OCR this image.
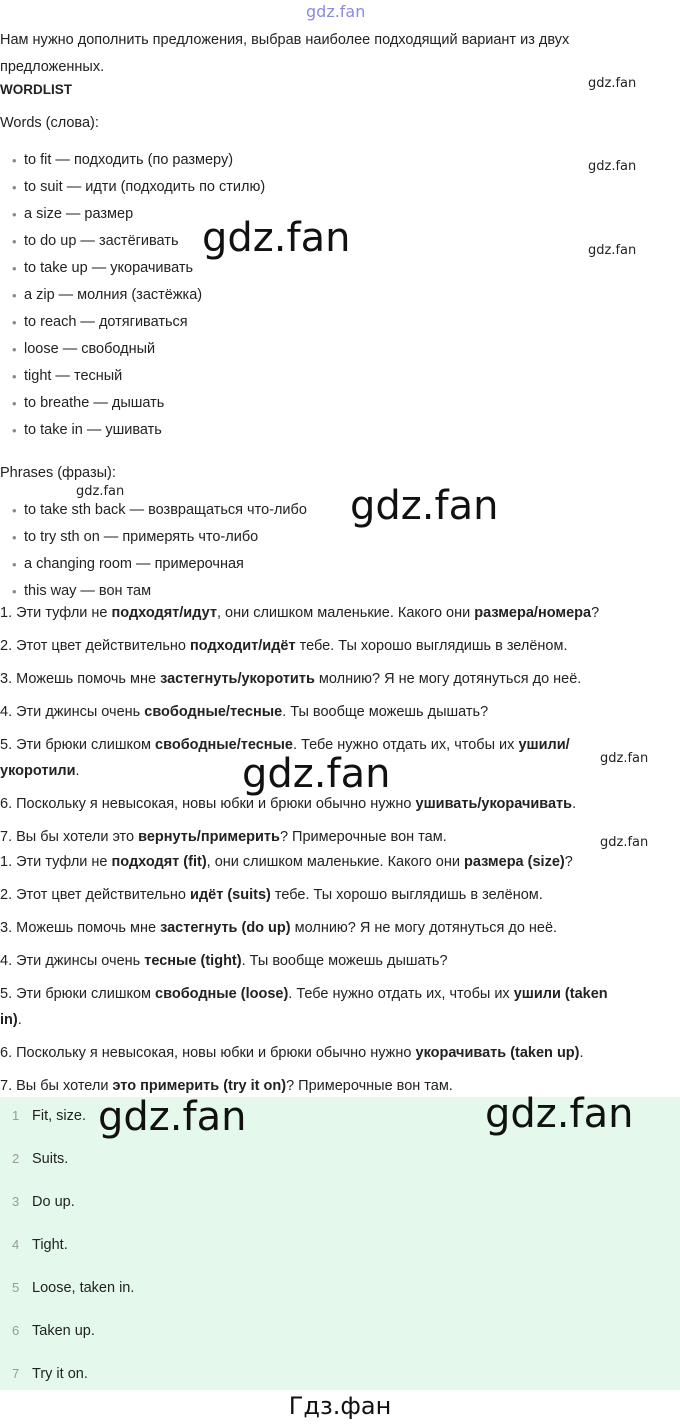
gdz.fan

Нам нужно дополнить предложения, выбрав наиболее подходящий вариант из двух предложенных.

WORDLIST
Words (слова):
• to fit — подходить (по размеру)
• to suit — идти (подходить по стилю)
• a size — размер
• to do up — застёгивать
• to take up — укорачивать
• a zip — молния (застёжка)
• to reach — дотягиваться
• loose — свободный
• tight — тесный
• to breathe — дышать
• to take in — ушивать
Phrases (фразы):
• to take sth back — возвращаться что-либо
• to try sth on — примерять что-либо
• a changing room — примерочная
• this way — вон там
1. Эти туфли не подходят/идут, они слишком маленькие. Какого они размера/номера?
2. Этот цвет действительно подходит/идёт тебе. Ты хорошо выглядишь в зелёном.
3. Можешь помочь мне застегнуть/укоротить молнию? Я не могу дотянуться до неё.
4. Эти джинсы очень свободные/тесные. Ты вообще можешь дышать?
5. Эти брюки слишком свободные/тесные. Тебе нужно отдать их, чтобы их ушили/
укоротили.
6. Поскольку я невысокая, новы юбки и брюки обычно нужно ушивать/укорачивать.
7. Вы бы хотели это вернуть/примерить? Примерочные вон там.
1. Эти туфли не подходят (fit), они слишком маленькие. Какого они размера (size)?
2. Этот цвет действительно идёт (suits) тебе. Ты хорошо выглядишь в зелёном.
3. Можешь помочь мне застегнуть (do up) молнию? Я не могу дотянуться до неё.
4. Эти джинсы очень тесные (tight). Ты вообще можешь дышать?
5. Эти брюки слишком свободные (loose). Тебе нужно отдать их, чтобы их ушили (taken
in).
6. Поскольку я невысокая, новы юбки и брюки обычно нужно укорачивать (taken up).
7. Вы бы хотели это примерить (try it on)? Примерочные вон там.
1 Fit, size.
2 Suits.
3 Do up.
4 Tight.
5 Loose, taken in.
6 Taken up.
7 Try it on.
gdz.fan
gdz.fan
gdz.fan
gdz.fan
gdz.fan
gdz.fan
gdz.fan
gdz.fan
gdz.fan
gdz.fan	gdz.fan
Гдз.фан
